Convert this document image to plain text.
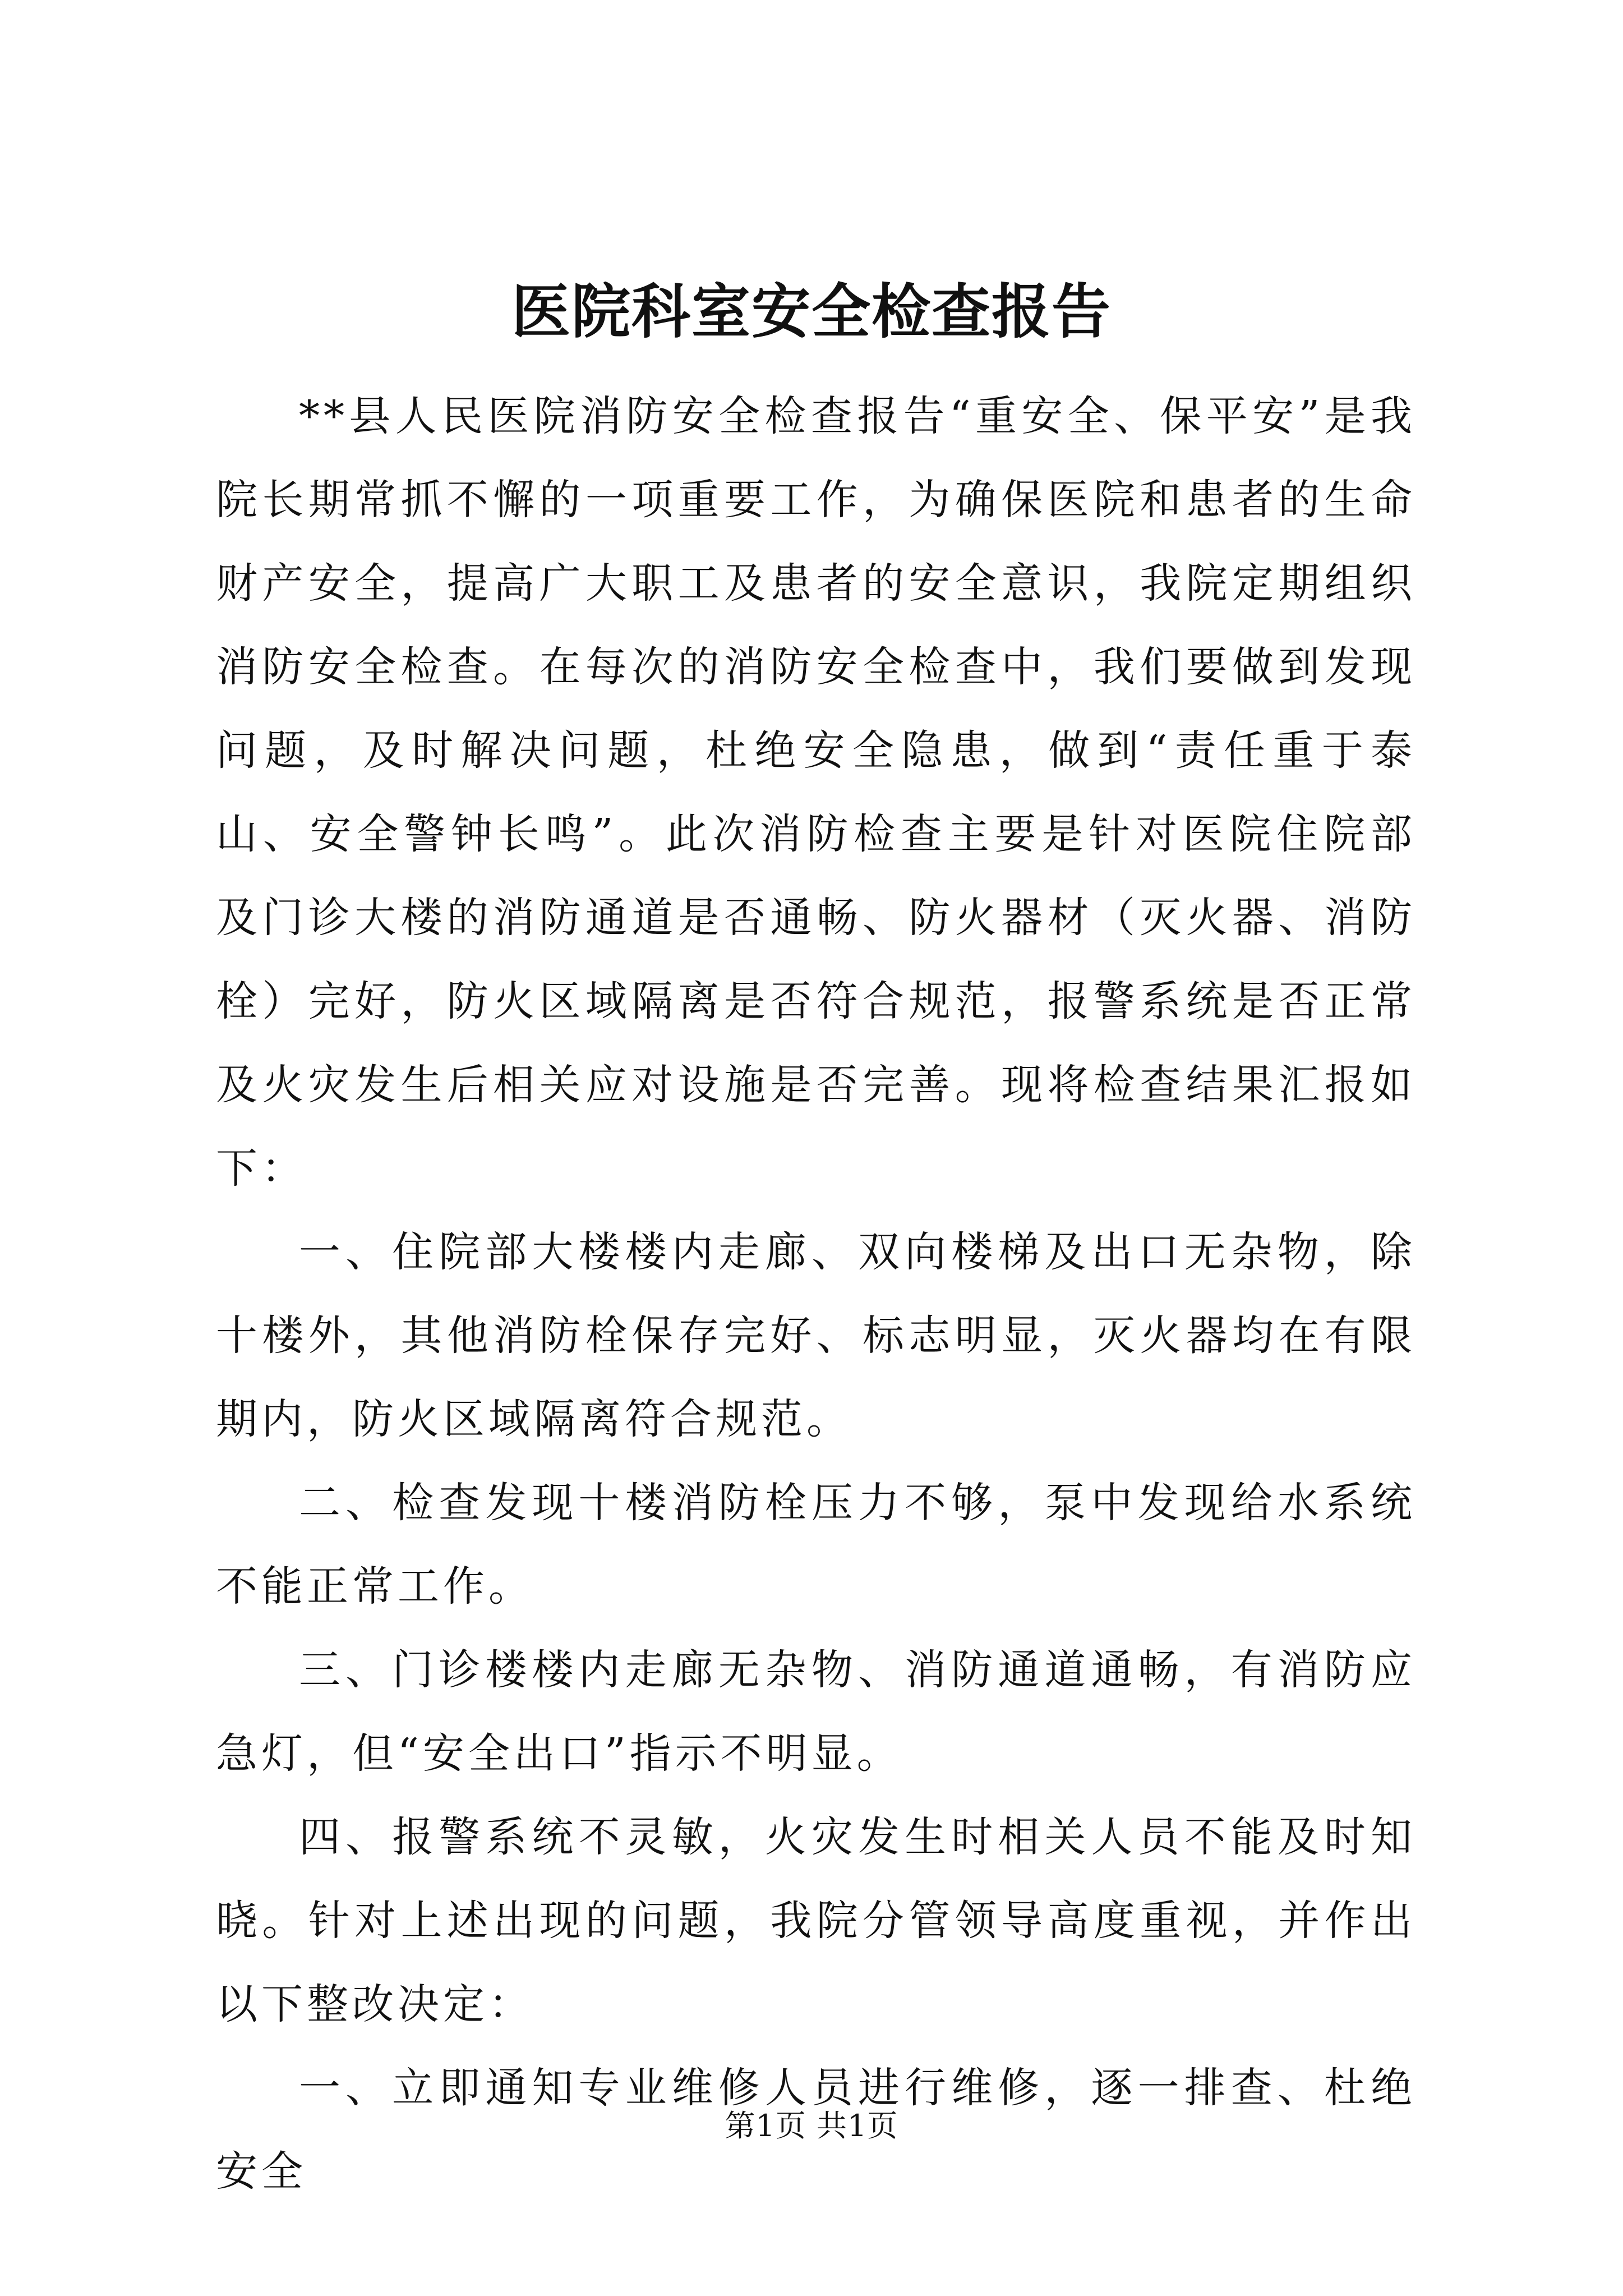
医院科室安全检查报告

**县人民医院消防安全检查报告“重安全、保平安”是我院长期常抓不懈的一项重要工作，为确保医院和患者的生命财产安全，提高广大职工及患者的安全意识，我院定期组织消防安全检查。在每次的消防安全检查中，我们要做到发现问题，及时解决问题，杜绝安全隐患，做到“责任重于泰山、安全警钟长鸣”。此次消防检查主要是针对医院住院部及门诊大楼的消防通道是否通畅、防火器材（灭火器、消防栓）完好，防火区域隔离是否符合规范，报警系统是否正常及火灾发生后相关应对设施是否完善。现将检查结果汇报如下：

一、住院部大楼楼内走廊、双向楼梯及出口无杂物，除十楼外，其他消防栓保存完好、标志明显，灭火器均在有限期内，防火区域隔离符合规范。

二、检查发现十楼消防栓压力不够，泵中发现给水系统不能正常工作。

三、门诊楼楼内走廊无杂物、消防通道通畅，有消防应急灯，但“安全出口”指示不明显。

四、报警系统不灵敏，火灾发生时相关人员不能及时知晓。针对上述出现的问题，我院分管领导高度重视，并作出以下整改决定：

一、立即通知专业维修人员进行维修，逐一排查、杜绝安全

第1页 共1页
